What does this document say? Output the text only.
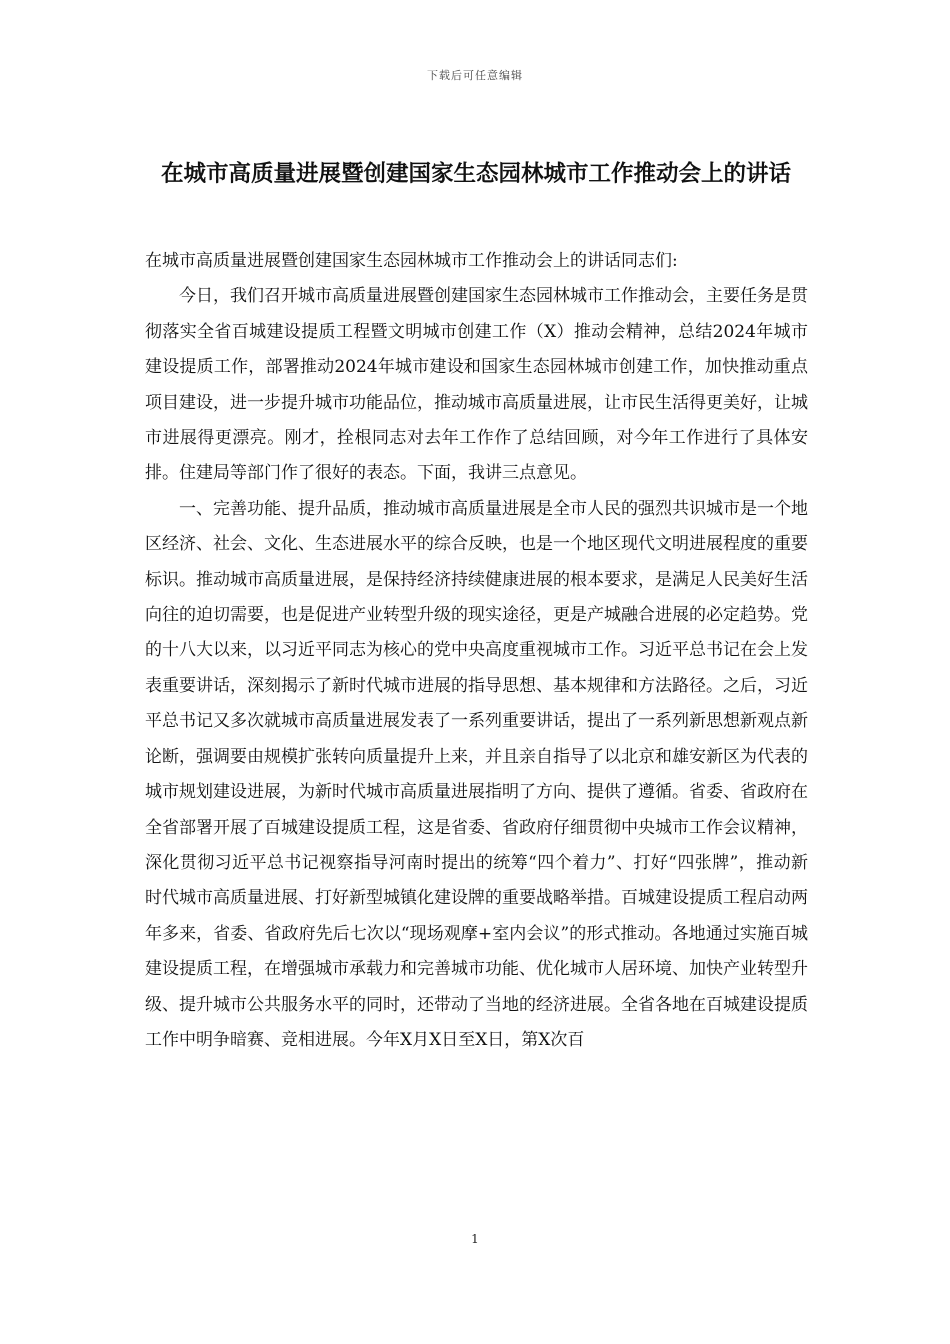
下载后可任意编辑
在城市高质量进展暨创建国家生态园林城市工作推动会上的讲话

在城市高质量进展暨创建国家生态园林城市工作推动会上的讲话同志们:

今日，我们召开城市高质量进展暨创建国家生态园林城市工作推动会，主要任务是贯彻落实全省百城建设提质工程暨文明城市创建工作（X）推动会精神，总结2024年城市建设提质工作，部署推动2024年城市建设和国家生态园林城市创建工作，加快推动重点项目建设，进一步提升城市功能品位，推动城市高质量进展，让市民生活得更美好，让城市进展得更漂亮。刚才，拴根同志对去年工作作了总结回顾，对今年工作进行了具体安排。住建局等部门作了很好的表态。下面，我讲三点意见。

一、完善功能、提升品质，推动城市高质量进展是全市人民的强烈共识城市是一个地区经济、社会、文化、生态进展水平的综合反映，也是一个地区现代文明进展程度的重要标识。推动城市高质量进展，是保持经济持续健康进展的根本要求，是满足人民美好生活向往的迫切需要，也是促进产业转型升级的现实途径，更是产城融合进展的必定趋势。党的十八大以来，以习近平同志为核心的党中央高度重视城市工作。习近平总书记在会上发表重要讲话，深刻揭示了新时代城市进展的指导思想、基本规律和方法路径。之后，习近平总书记又多次就城市高质量进展发表了一系列重要讲话，提出了一系列新思想新观点新论断，强调要由规模扩张转向质量提升上来，并且亲自指导了以北京和雄安新区为代表的城市规划建设进展，为新时代城市高质量进展指明了方向、提供了遵循。省委、省政府在全省部署开展了百城建设提质工程，这是省委、省政府仔细贯彻中央城市工作会议精神，深化贯彻习近平总书记视察指导河南时提出的统筹“四个着力”、打好“四张牌”，推动新时代城市高质量进展、打好新型城镇化建设牌的重要战略举措。百城建设提质工程启动两年多来，省委、省政府先后七次以“现场观摩+室内会议”的形式推动。各地通过实施百城建设提质工程，在增强城市承载力和完善城市功能、优化城市人居环境、加快产业转型升级、提升城市公共服务水平的同时，还带动了当地的经济进展。全省各地在百城建设提质工作中明争暗赛、竞相进展。今年X月X日至X日，第X次百

1
